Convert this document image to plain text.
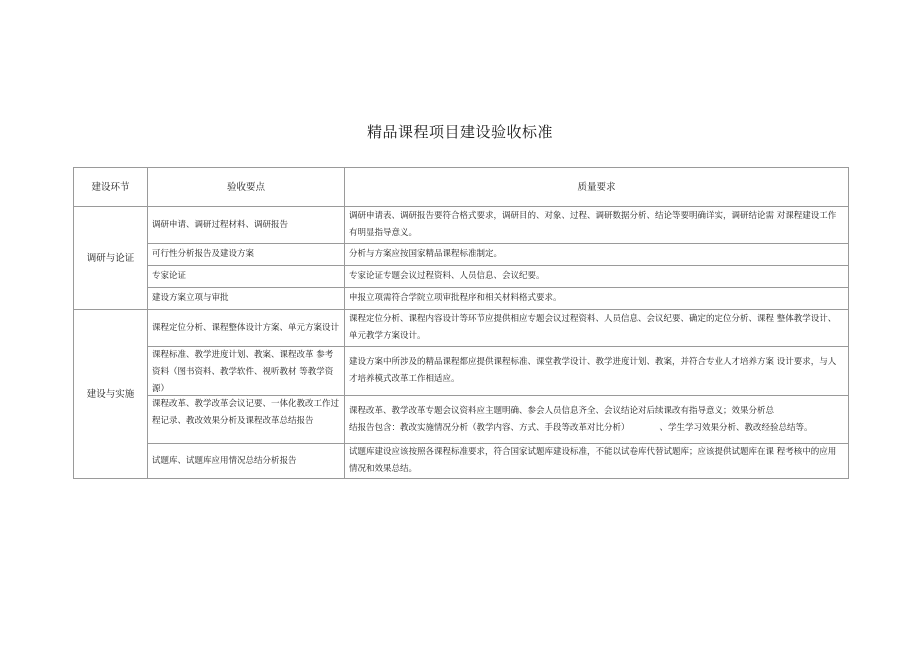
精品课程项目建设验收标准
建设环节	验收要点	质量要求
调研与论证	调研申请、调研过程材料、调研报告	调研申请表、调研报告要符合格式要求，调研目的、对象、过程、调研数据分析、结论等要明确详实，调研结论需 对课程建设工作有明显指导意义。
	可行性分析报告及建设方案	分析与方案应按国家精品课程标准制定。
	专家论证	专家论证专题会议过程资料、人员信息、会议纪要。
	建设方案立项与审批	申报立项需符合学院立项审批程序和相关材料格式要求。
建设与实施	课程定位分析、课程整体设计方案、单元方案设计	课程定位分析、课程内容设计等环节应提供相应专题会议过程资料、人员信息、会议纪要、确定的定位分析、课程 整体教学设计、单元教学方案设计。

	课程标准、教学进度计划、教案、课程改革 参考资料（图书资料、教学软件、视听教材 等教学资源）	建设方案中所涉及的精品课程都应提供课程标准、课堂教学设计、教学进度计划、教案，并符合专业人才培养方案 设计要求，与人才培养模式改革工作相适应。

	课程改革、教学改革会议记要、一体化教改工作过程记录、教改效果分析及课程改革总结报告	课程改革、教学改革专题会议资料应主题明确、参会人员信息齐全、会议结论对后续课改有指导意义；效果分析总
结报告包含：教改实施情况分析（教学内容、方式、手段等改革对比分析） 、学生学习效果分析、教改经验总结等。

	试题库、试题库应用情况总结分析报告	试题库建设应该按照各课程标准要求，符合国家试题库建设标准，不能以试卷库代替试题库；应该提供试题库在课 程考核中的应用情况和效果总结。
